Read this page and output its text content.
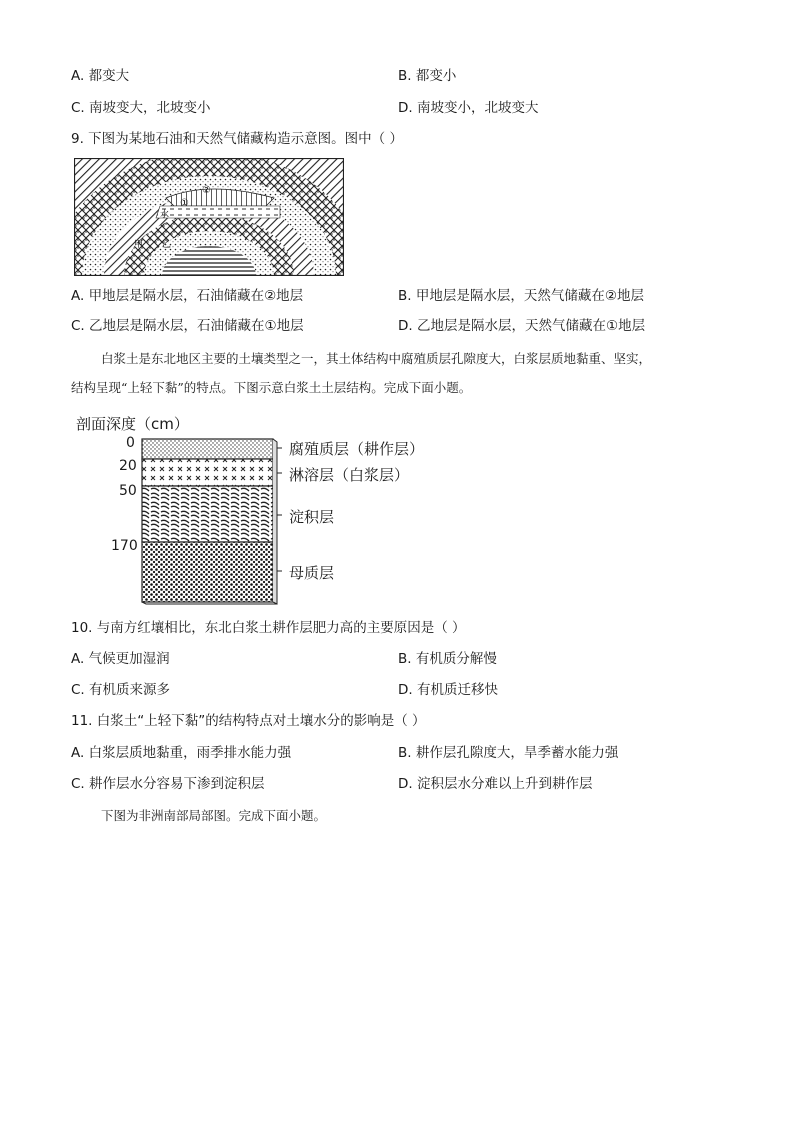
A. 都变大	B. 都变小
C. 南坡变大，北坡变小	D. 南坡变小，北坡变大
9. 下图为某地石油和天然气储藏构造示意图。图中（ ）
②
①
水
甲 乙
A. 甲地层是隔水层，石油储藏在②地层	B. 甲地层是隔水层，天然气储藏在②地层
C. 乙地层是隔水层，石油储藏在①地层	D. 乙地层是隔水层，天然气储藏在①地层
白浆土是东北地区主要的土壤类型之一，其土体结构中腐殖质层孔隙度大，白浆层质地黏重、坚实，
结构呈现“上轻下黏”的特点。下图示意白浆土土层结构。完成下面小题。
剖面深度（cm）
0
20
50
170
腐殖质层（耕作层）
淋溶层（白浆层）
淀积层
母质层
10. 与南方红壤相比，东北白浆土耕作层肥力高的主要原因是（ ）
A. 气候更加湿润	B. 有机质分解慢
C. 有机质来源多	D. 有机质迁移快
11. 白浆土“上轻下黏”的结构特点对土壤水分的影响是（ ）
A. 白浆层质地黏重，雨季排水能力强	B. 耕作层孔隙度大，旱季蓄水能力强
C. 耕作层水分容易下渗到淀积层	D. 淀积层水分难以上升到耕作层
下图为非洲南部局部图。完成下面小题。
